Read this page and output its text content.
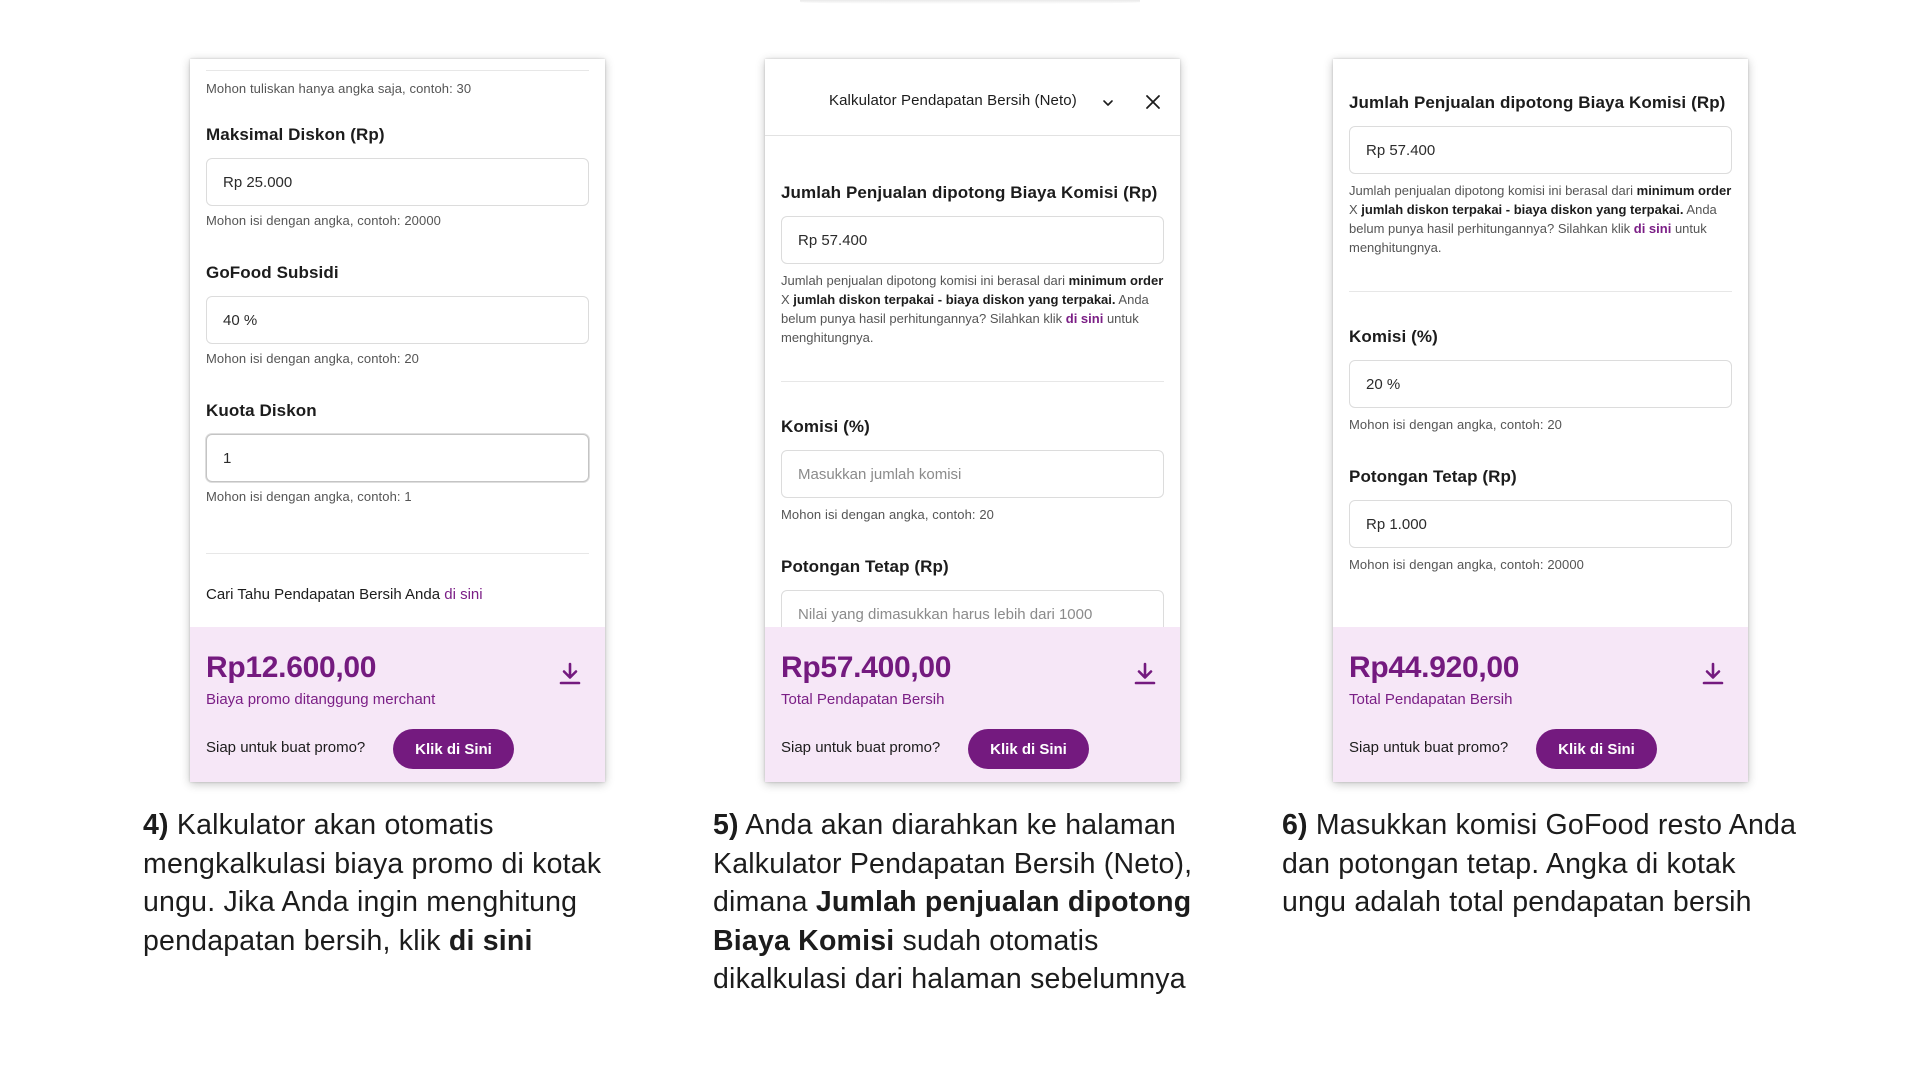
Mohon tuliskan hanya angka saja, contoh: 30
Maksimal Diskon (Rp)
Rp 25.000
Mohon isi dengan angka, contoh: 20000
GoFood Subsidi
40 %
Mohon isi dengan angka, contoh: 20
Kuota Diskon
1
Mohon isi dengan angka, contoh: 1
Cari Tahu Pendapatan Bersih Anda di sini
Rp12.600,00
Biaya promo ditanggung merchant
Siap untuk buat promo?	Klik di Sini
Kalkulator Pendapatan Bersih (Neto)
Jumlah Penjualan dipotong Biaya Komisi (Rp)
Rp 57.400
Jumlah penjualan dipotong komisi ini berasal dari minimum order X jumlah diskon terpakai - biaya diskon yang terpakai. Anda belum punya hasil perhitungannya? Silahkan klik di sini untuk menghitungnya.
Komisi (%)
Masukkan jumlah komisi
Mohon isi dengan angka, contoh: 20
Potongan Tetap (Rp)
Nilai yang dimasukkan harus lebih dari 1000
Rp57.400,00
Total Pendapatan Bersih
Siap untuk buat promo?	Klik di Sini
Jumlah Penjualan dipotong Biaya Komisi (Rp)
Rp 57.400
Jumlah penjualan dipotong komisi ini berasal dari minimum order X jumlah diskon terpakai - biaya diskon yang terpakai. Anda belum punya hasil perhitungannya? Silahkan klik di sini untuk menghitungnya.
Komisi (%)
20 %
Mohon isi dengan angka, contoh: 20
Potongan Tetap (Rp)
Rp 1.000
Mohon isi dengan angka, contoh: 20000
Rp44.920,00
Total Pendapatan Bersih
Siap untuk buat promo?	Klik di Sini
4) Kalkulator akan otomatis mengkalkulasi biaya promo di kotak ungu. Jika Anda ingin menghitung pendapatan bersih, klik di sini
5) Anda akan diarahkan ke halaman Kalkulator Pendapatan Bersih (Neto), dimana Jumlah penjualan dipotong Biaya Komisi sudah otomatis dikalkulasi dari halaman sebelumnya
6) Masukkan komisi GoFood resto Anda dan potongan tetap. Angka di kotak ungu adalah total pendapatan bersih
